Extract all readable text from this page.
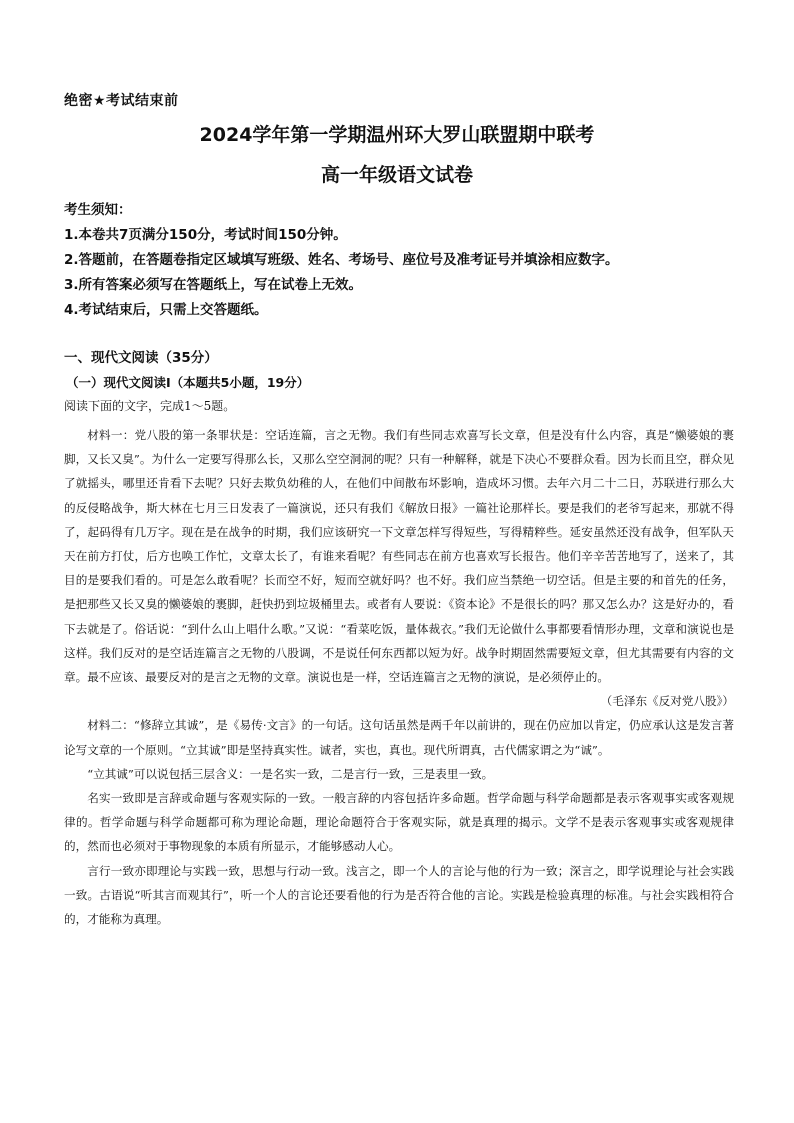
绝密★考试结束前
2024学年第一学期温州环大罗山联盟期中联考
高一年级语文试卷
考生须知：
1.本卷共7页满分150分，考试时间150分钟。
2.答题前，在答题卷指定区域填写班级、姓名、考场号、座位号及准考证号并填涂相应数字。
3.所有答案必须写在答题纸上，写在试卷上无效。
4.考试结束后，只需上交答题纸。
一、现代文阅读（35分）
（一）现代文阅读Ⅰ（本题共5小题，19分）
阅读下面的文字，完成1～5题。

材料一：党八股的第一条罪状是：空话连篇，言之无物。我们有些同志欢喜写长文章，但是没有什么内容，真是“懒婆娘的裹脚，又长又臭”。为什么一定要写得那么长，又那么空空洞洞的呢？只有一种解释，就是下决心不要群众看。因为长而且空，群众见了就摇头，哪里还肯看下去呢？只好去欺负幼稚的人，在他们中间散布坏影响，造成坏习惯。去年六月二十二日，苏联进行那么大的反侵略战争，斯大林在七月三日发表了一篇演说，还只有我们《解放日报》一篇社论那样长。要是我们的老爷写起来，那就不得了，起码得有几万字。现在是在战争的时期，我们应该研究一下文章怎样写得短些，写得精粹些。延安虽然还没有战争，但军队天天在前方打仗，后方也唤工作忙，文章太长了，有谁来看呢？有些同志在前方也喜欢写长报告。他们辛辛苦苦地写了，送来了，其目的是要我们看的。可是怎么敢看呢？长而空不好，短而空就好吗？也不好。我们应当禁绝一切空话。但是主要的和首先的任务，是把那些又长又臭的懒婆娘的裹脚，赶快扔到垃圾桶里去。或者有人要说：《资本论》不是很长的吗？那又怎么办？这是好办的，看下去就是了。俗话说：“到什么山上唱什么歌。”又说：“看菜吃饭，量体裁衣。”我们无论做什么事都要看情形办理，文章和演说也是这样。我们反对的是空话连篇言之无物的八股调，不是说任何东西都以短为好。战争时期固然需要短文章，但尤其需要有内容的文章。最不应该、最要反对的是言之无物的文章。演说也是一样，空话连篇言之无物的演说，是必须停止的。

（毛泽东《反对党八股》）

材料二：“修辞立其诚”，是《易传·文言》的一句话。这句话虽然是两千年以前讲的，现在仍应加以肯定，仍应承认这是发言著论写文章的一个原则。“立其诚”即是坚持真实性。诚者，实也，真也。现代所谓真，古代儒家谓之为“诚”。

“立其诚”可以说包括三层含义：一是名实一致，二是言行一致，三是表里一致。

名实一致即是言辞或命题与客观实际的一致。一般言辞的内容包括许多命题。哲学命题与科学命题都是表示客观事实或客观规律的。哲学命题与科学命题都可称为理论命题，理论命题符合于客观实际，就是真理的揭示。文学不是表示客观事实或客观规律的，然而也必须对于事物现象的本质有所显示，才能够感动人心。

言行一致亦即理论与实践一致，思想与行动一致。浅言之，即一个人的言论与他的行为一致；深言之，即学说理论与社会实践一致。古语说“听其言而观其行”，听一个人的言论还要看他的行为是否符合他的言论。实践是检验真理的标准。与社会实践相符合的，才能称为真理。
